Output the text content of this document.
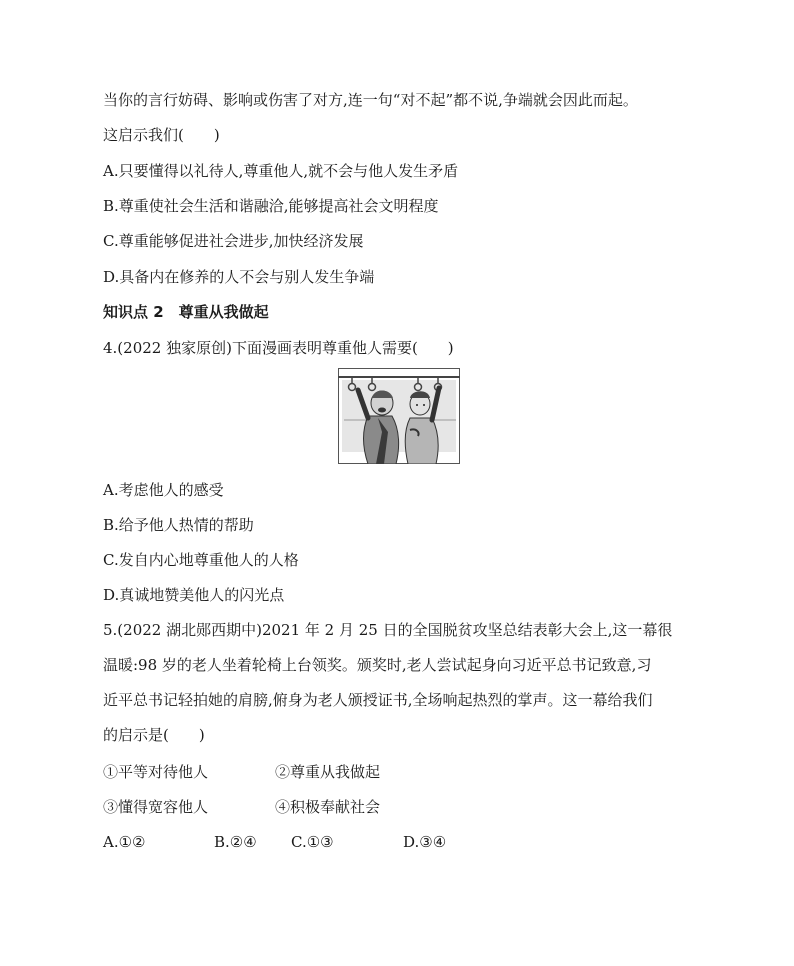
当你的言行妨碍、影响或伤害了对方,连一句“对不起”都不说,争端就会因此而起。
这启示我们(　　)
A.只要懂得以礼待人,尊重他人,就不会与他人发生矛盾
B.尊重使社会生活和谐融洽,能够提高社会文明程度
C.尊重能够促进社会进步,加快经济发展
D.具备内在修养的人不会与别人发生争端
知识点 2　尊重从我做起
4.(2022 独家原创)下面漫画表明尊重他人需要(　　)
A.考虑他人的感受
B.给予他人热情的帮助
C.发自内心地尊重他人的人格
D.真诚地赞美他人的闪光点
5.(2022 湖北郧西期中)2021 年 2 月 25 日的全国脱贫攻坚总结表彰大会上,这一幕很
温暖:98 岁的老人坐着轮椅上台领奖。颁奖时,老人尝试起身向习近平总书记致意,习
近平总书记轻拍她的肩膀,俯身为老人颁授证书,全场响起热烈的掌声。这一幕给我们
的启示是(　　)
①平等对待他人	②尊重从我做起
③懂得宽容他人	④积极奉献社会
A.①②	B.②④ C.①③	D.③④
